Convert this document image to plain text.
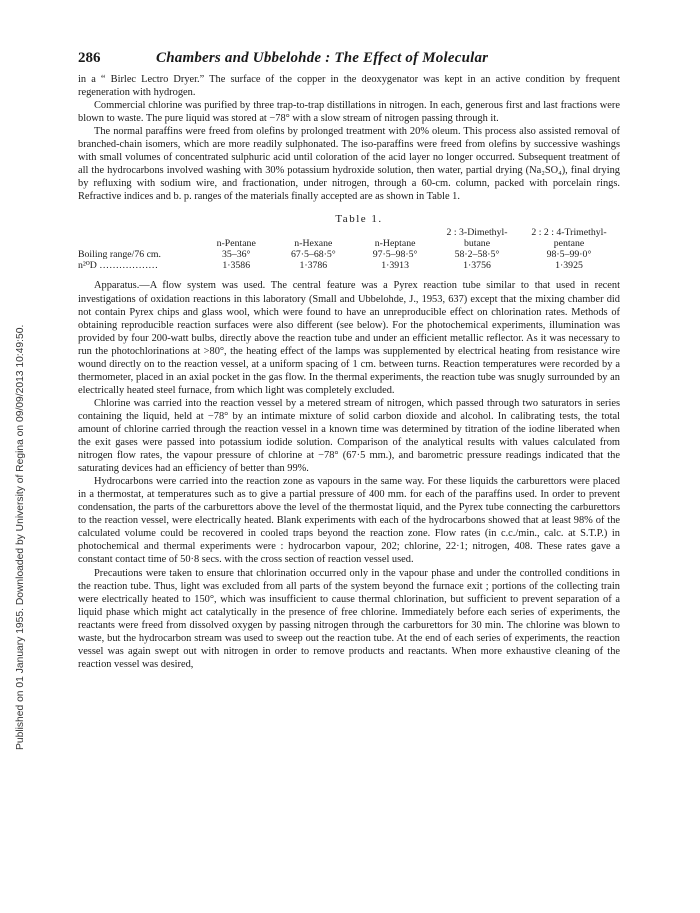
Published on 01 January 1955. Downloaded by University of Regina on 09/09/2013 10:49:50.
286	Chambers and Ubbelohde : The Effect of Molecular

in a “ Birlec Lectro Dryer.” The surface of the copper in the deoxygenator was kept in an active condition by frequent regeneration with hydrogen.

Commercial chlorine was purified by three trap-to-trap distillations in nitrogen. In each, generous first and last fractions were blown to waste. The pure liquid was stored at −78° with a slow stream of nitrogen passing through it.

The normal paraffins were freed from olefins by prolonged treatment with 20% oleum. This process also assisted removal of branched-chain isomers, which are more readily sulphonated. The iso-paraffins were freed from olefins by successive washings with small volumes of concentrated sulphuric acid until coloration of the acid layer no longer occurred. Subsequent treatment of all the hydrocarbons involved washing with 30% potassium hydroxide solution, then water, partial drying (Na₂SO₄), final drying by refluxing with sodium wire, and fractionation, under nitrogen, through a 60-cm. column, packed with porcelain rings. Refractive indices and b. p. ranges of the materials finally accepted are as shown in Table 1.

Table 1.
	n-Pentane	n-Hexane	n-Heptane	2 : 3-Dimethyl-butane	2 : 2 : 4-Trimethyl-pentane
Boiling range/76 cm.	35–36°	67·5–68·5°	97·5–98·5°	58·2–58·5°	98·5–99·0°
n²⁰D ………………	1·3586	1·3786	1·3913	1·3756	1·3925

Apparatus.—A flow system was used. The central feature was a Pyrex reaction tube similar to that used in recent investigations of oxidation reactions in this laboratory (Small and Ubbelohde, J., 1953, 637) except that the mixing chamber did not contain Pyrex chips and glass wool, which were found to have an unreproducible effect on chlorination rates. Methods of obtaining reproducible reaction surfaces were also different (see below). For the photochemical experiments, illumination was provided by four 200-watt bulbs, directly above the reaction tube and under an efficient metallic reflector. As it was necessary to run the photochlorinations at >80°, the heating effect of the lamps was supplemented by electrical heating from resistance wire wound directly on to the reaction vessel, at a uniform spacing of 1 cm. between turns. Reaction temperatures were recorded by a thermometer, placed in an axial pocket in the gas flow. In the thermal experiments, the reaction tube was snugly surrounded by an electrically heated steel furnace, from which light was completely excluded.

Chlorine was carried into the reaction vessel by a metered stream of nitrogen, which passed through two saturators in series containing the liquid, held at −78° by an intimate mixture of solid carbon dioxide and alcohol. In calibrating tests, the total amount of chlorine carried through the reaction vessel in a known time was determined by titration of the iodine liberated when the exit gases were passed into potassium iodide solution. Comparison of the analytical results with values calculated from nitrogen flow rates, the vapour pressure of chlorine at −78° (67·5 mm.), and barometric pressure readings indicated that the saturating devices had an efficiency of better than 99%.

Hydrocarbons were carried into the reaction zone as vapours in the same way. For these liquids the carburettors were placed in a thermostat, at temperatures such as to give a partial pressure of 400 mm. for each of the paraffins used. In order to prevent condensation, the parts of the carburettors above the level of the thermostat liquid, and the Pyrex tube connecting the carburettors to the reaction vessel, were electrically heated. Blank experiments with each of the hydrocarbons showed that at least 98% of the calculated volume could be recovered in cooled traps beyond the reaction zone. Flow rates (in c.c./min., calc. at S.T.P.) in photochemical and thermal experiments were : hydrocarbon vapour, 202; chlorine, 22·1; nitrogen, 408. These rates gave a constant contact time of 50·8 secs. with the cross section of reaction vessel used.

Precautions were taken to ensure that chlorination occurred only in the vapour phase and under the controlled conditions in the reaction tube. Thus, light was excluded from all parts of the system beyond the furnace exit ; portions of the collecting train were electrically heated to 150°, which was insufficient to cause thermal chlorination, but sufficient to prevent separation of a liquid phase which might act catalytically in the presence of free chlorine. Immediately before each series of experiments, the reactants were freed from dissolved oxygen by passing nitrogen through the carburettors for 30 min. The chlorine was blown to waste, but the hydrocarbon stream was used to sweep out the reaction tube. At the end of each series of experiments, the reaction vessel was again swept out with nitrogen in order to remove products and reactants. When more exhaustive cleaning of the reaction vessel was desired,
